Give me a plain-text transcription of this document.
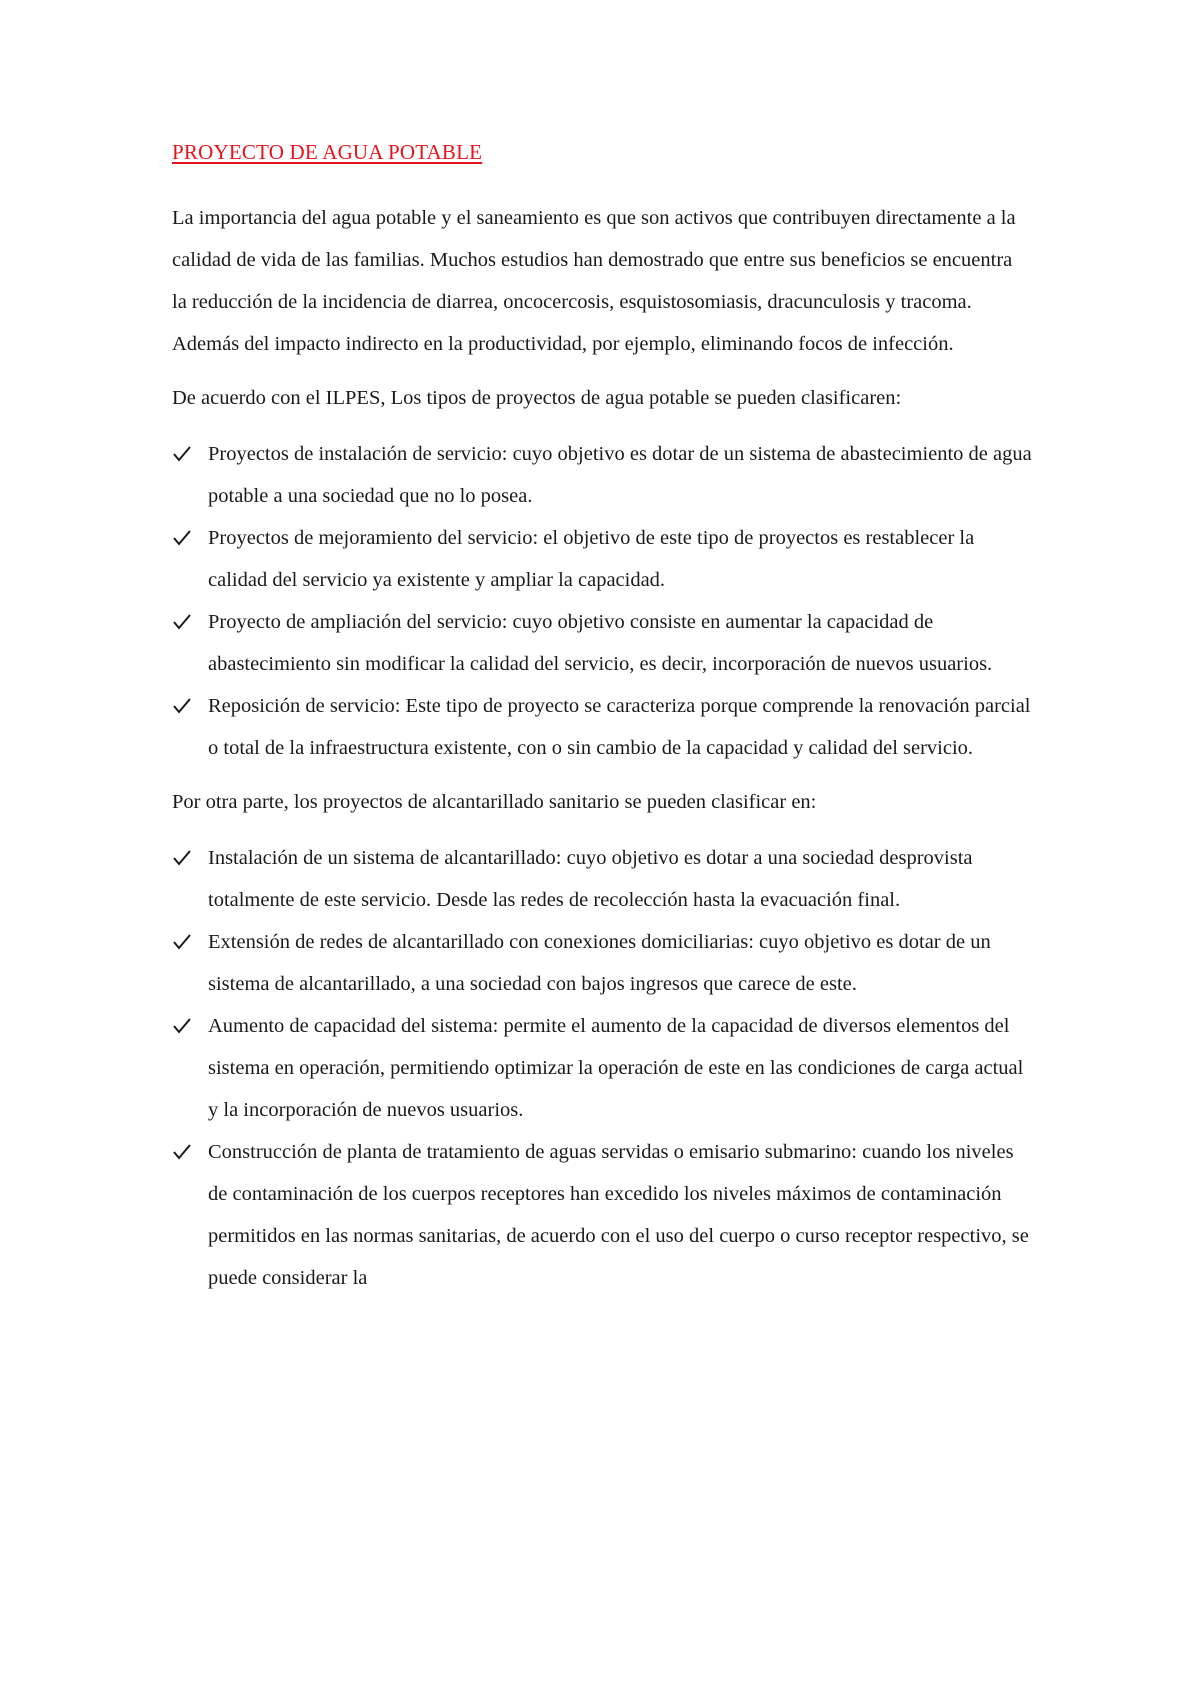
PROYECTO DE AGUA POTABLE

La importancia del agua potable y el saneamiento es que son activos que contribuyen directamente a la calidad de vida de las familias. Muchos estudios han demostrado que entre sus beneficios se encuentra la reducción de la incidencia de diarrea, oncocercosis, esquistosomiasis, dracunculosis y tracoma. Además del impacto indirecto en la productividad, por ejemplo, eliminando focos de infección.

De acuerdo con el ILPES, Los tipos de proyectos de agua potable se pueden clasificaren:

Proyectos de instalación de servicio: cuyo objetivo es dotar de un sistema de abastecimiento de agua potable a una sociedad que no lo posea.
Proyectos de mejoramiento del servicio: el objetivo de este tipo de proyectos es restablecer la calidad del servicio ya existente y ampliar la capacidad.
Proyecto de ampliación del servicio: cuyo objetivo consiste en aumentar la capacidad de abastecimiento sin modificar la calidad del servicio, es decir, incorporación de nuevos usuarios.
Reposición de servicio: Este tipo de proyecto se caracteriza porque comprende la renovación parcial o total de la infraestructura existente, con o sin cambio de la capacidad y calidad del servicio.

Por otra parte, los proyectos de alcantarillado sanitario se pueden clasificar en:

Instalación de un sistema de alcantarillado: cuyo objetivo es dotar a una sociedad desprovista totalmente de este servicio. Desde las redes de recolección hasta la evacuación final.
Extensión de redes de alcantarillado con conexiones domiciliarias: cuyo objetivo es dotar de un sistema de alcantarillado, a una sociedad con bajos ingresos que carece de este.
Aumento de capacidad del sistema: permite el aumento de la capacidad de diversos elementos del sistema en operación, permitiendo optimizar la operación de este en las condiciones de carga actual y la incorporación de nuevos usuarios.
Construcción de planta de tratamiento de aguas servidas o emisario submarino: cuando los niveles de contaminación de los cuerpos receptores han excedido los niveles máximos de contaminación permitidos en las normas sanitarias, de acuerdo con el uso del cuerpo o curso receptor respectivo, se puede considerar la
